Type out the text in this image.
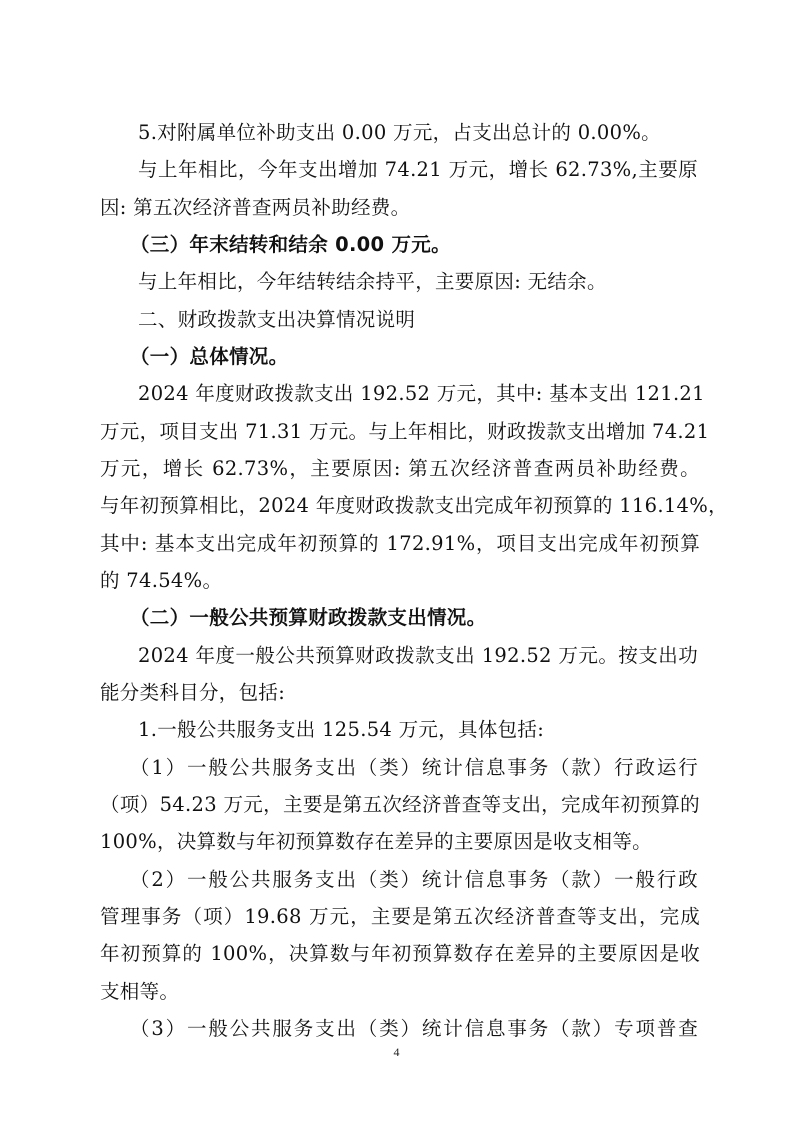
5.对附属单位补助支出 0.00 万元，占支出总计的 0.00%。
与上年相比，今年支出增加 74.21 万元，增长 62.73%,主要原
因: 第五次经济普查两员补助经费。
（三）年末结转和结余 0.00 万元。
与上年相比，今年结转结余持平，主要原因: 无结余。
二、财政拨款支出决算情况说明
（一）总体情况。
2024 年度财政拨款支出 192.52 万元，其中: 基本支出 121.21
万元，项目支出 71.31 万元。与上年相比，财政拨款支出增加 74.21
万元，增长 62.73%，主要原因: 第五次经济普查两员补助经费。
与年初预算相比，2024 年度财政拨款支出完成年初预算的 116.14%，
其中: 基本支出完成年初预算的 172.91%，项目支出完成年初预算
的 74.54%。
（二）一般公共预算财政拨款支出情况。
2024 年度一般公共预算财政拨款支出 192.52 万元。按支出功
能分类科目分，包括:
1.一般公共服务支出 125.54 万元，具体包括:
（1）一般公共服务支出（类）统计信息事务（款）行政运行
（项）54.23 万元，主要是第五次经济普查等支出，完成年初预算的
100%，决算数与年初预算数存在差异的主要原因是收支相等。
（2）一般公共服务支出（类）统计信息事务（款）一般行政
管理事务（项）19.68 万元，主要是第五次经济普查等支出，完成
年初预算的 100%，决算数与年初预算数存在差异的主要原因是收
支相等。
（3）一般公共服务支出（类）统计信息事务（款）专项普查
4
